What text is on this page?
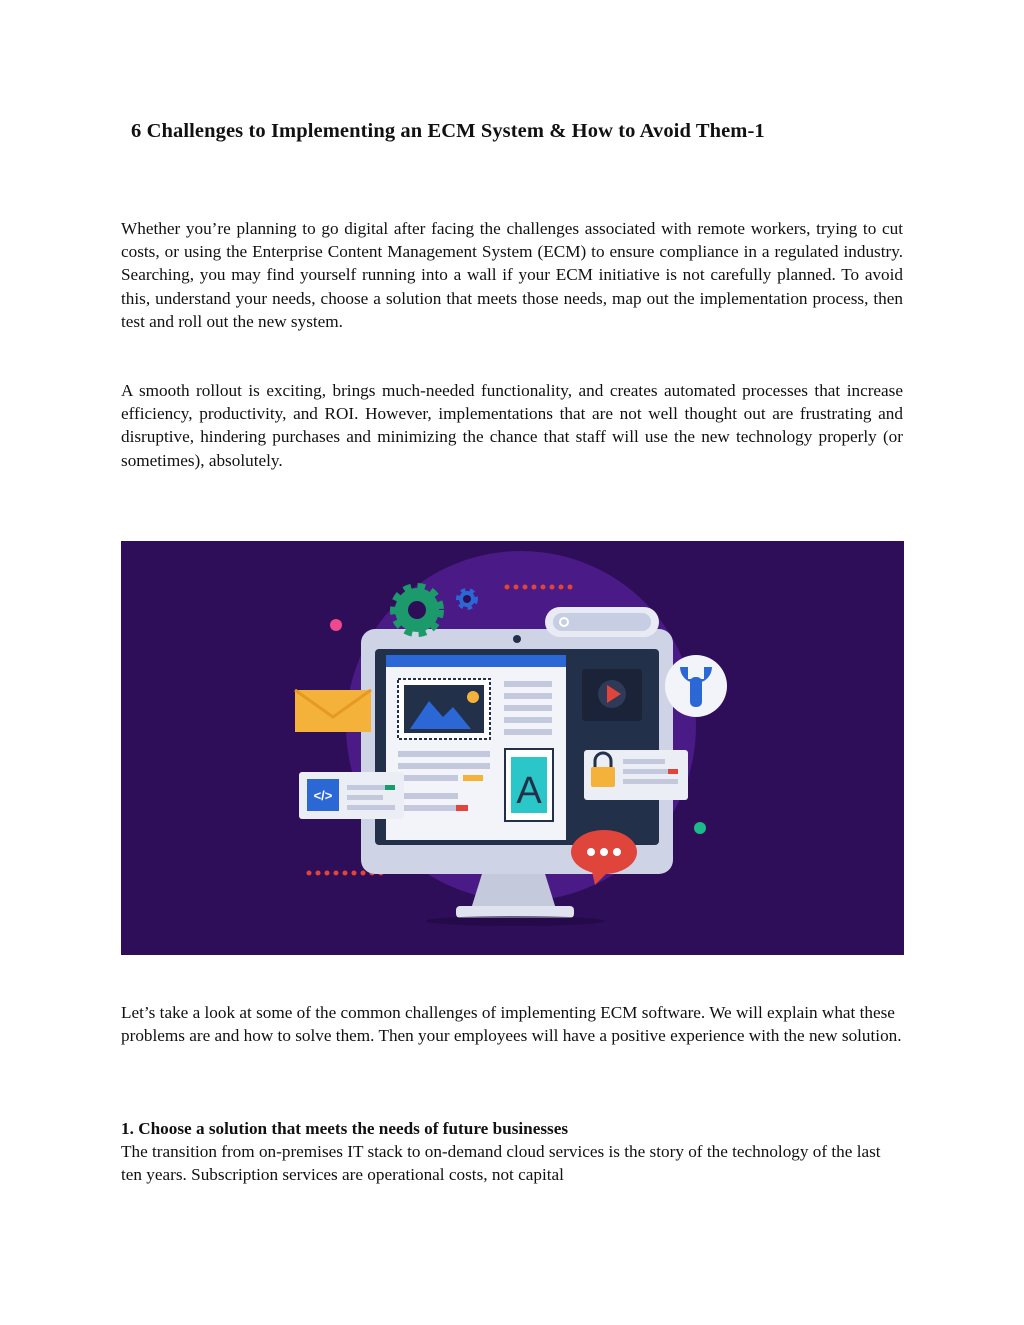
6 Challenges to Implementing an ECM System & How to Avoid Them-1

Whether you’re planning to go digital after facing the challenges associated with remote workers, trying to cut costs, or using the Enterprise Content Management System (ECM) to ensure compliance in a regulated industry. Searching, you may find yourself running into a wall if your ECM initiative is not carefully planned. To avoid this, understand your needs, choose a solution that meets those needs, map out the implementation process, then test and roll out the new system.

A smooth rollout is exciting, brings much-needed functionality, and creates automated processes that increase efficiency, productivity, and ROI. However, implementations that are not well thought out are frustrating and disruptive, hindering purchases and minimizing the chance that staff will use the new technology properly (or sometimes), absolutely.

A
</>

Let’s take a look at some of the common challenges of implementing ECM software. We will explain what these problems are and how to solve them. Then your employees will have a positive experience with the new solution.

1. Choose a solution that meets the needs of future businesses

The transition from on-premises IT stack to on-demand cloud services is the story of the technology of the last ten years. Subscription services are operational costs, not capital
